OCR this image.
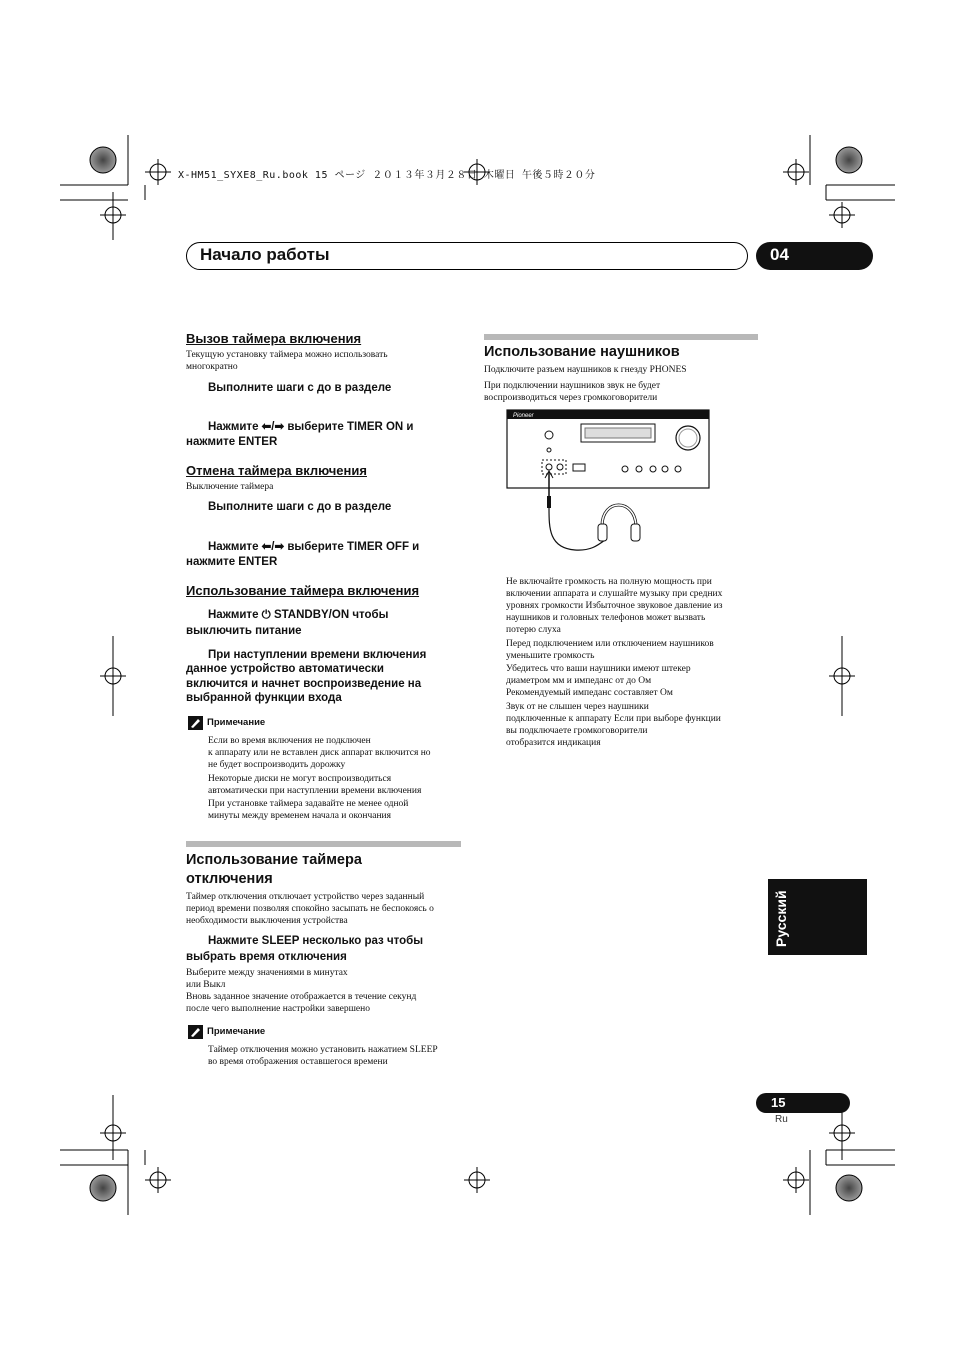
X-HM51_SYXE8_Ru.book 15 ページ ２０１３年３月２８日 木曜日 午後５時２０分
Начало работы	04
Вызов таймера включения
Текущую установку таймера можно использовать
многократно
Выполните шаги с до в разделе
Нажмите ⬅/➡ выберите TIMER ON и
нажмите ENTER
Отмена таймера включения
Выключение таймера
Выполните шаги с до в разделе
Нажмите ⬅/➡ выберите TIMER OFF и
нажмите ENTER
Использование таймера включения
Нажмите ⏻ STANDBY/ON чтобы
выключить питание
При наступлении времени включения
данное устройство автоматически
включится и начнет воспроизведение на
выбранной функции входа
Примечание
Если во время включения не подключен
к аппарату или не вставлен диск аппарат включится но
не будет воспроизводить дорожку
Некоторые диски не могут воспроизводиться
автоматически при наступлении времени включения
При установке таймера задавайте не менее одной
минуты между временем начала и окончания
Использование таймера
отключения
Таймер отключения отключает устройство через заданный
период времени позволяя спокойно засыпать не беспокоясь о
необходимости выключения устройства
Нажмите SLEEP несколько раз чтобы
выбрать время отключения
Выберите между значениями в минутах
или Выкл
Вновь заданное значение отображается в течение секунд
после чего выполнение настройки завершено
Примечание
Таймер отключения можно установить нажатием SLEEP
во время отображения оставшегося времени
Использование наушников
Подключите разъем наушников к гнезду PHONES
При подключении наушников звук не будет
воспроизводиться через громкоговорители
Pioneer
Не включайте громкость на полную мощность при
включении аппарата и слушайте музыку при средних
уровнях громкости Избыточное звуковое давление из
наушников и головных телефонов может вызвать
потерю слуха
Перед подключением или отключением наушников
уменьшите громкость
Убедитесь что ваши наушники имеют штекер
диаметром мм и импеданс от до Ом
Рекомендуемый импеданс составляет Ом
Звук от не слышен через наушники
подключенные к аппарату Если при выборе функции
вы подключаете громкоговорители
отобразится индикация
Русский
15
Ru
